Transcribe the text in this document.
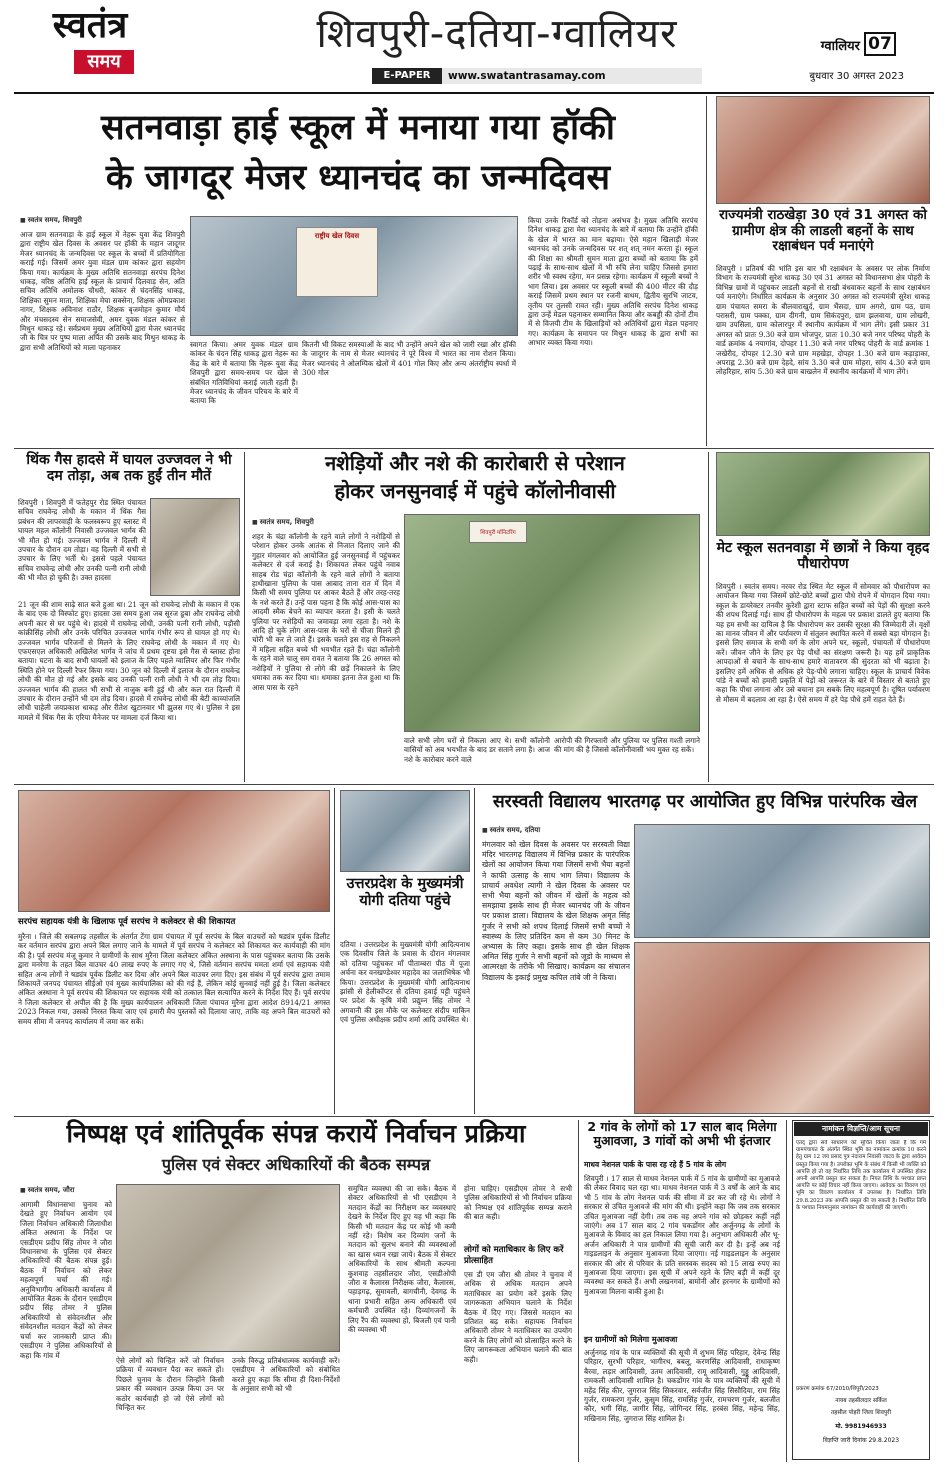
स्वतंत्र
समय
शिवपुरी-दतिया-ग्वालियर
E-PAPER	www.swatantrasamay.com
ग्वालियर 07
बुधवार 30 अगस्त 2023
सतनवाड़ा हाई स्कूल में मनाया गया हॉकी
के जागदूर मेजर ध्यानचंद का जन्मदिवस
■ स्वतंत्र समय, शिवपुरी
आज ग्राम सतनवाड़ा के हाई स्कूल में नेहरू युवा केंद्र शिवपुरी द्वारा राष्ट्रीय खेल दिवस के अवसर पर हॉकी के महान जादूगर मेजर ध्यानचंद के जन्मदिवस पर स्कूल के बच्चों में प्रतियोगिता कराई गई। जिसमें अमर युवा मंडल ग्राम कांकर द्वारा सहयोग किया गया। कार्यक्रम के मुख्य अतिथि सतनवाड़ा सरपंच दिनेश धाकड़, वरिष्ठ अतिथि हाई स्कूल के प्राचार्य दिलवाड़ सेन, अति सचिव अतिथि अमोलक चौधरी, कांकर से चंदनसिंह धाकड़, शिक्षिका सुमन माता, शिक्षिका मेघा सक्सेना, शिक्षक ओमप्रकाश नागर, शिक्षक अविनाश राठौर, शिक्षक बृजमोहन कुमार मौर्य और मंचसदस्य सेन समाजसेवी, अमर युवक मंडल कांकर से मिथुन धाकड़ रहे। सर्वप्रथम मुख्य अतिथियों द्वारा मेजर ध्यानचंद जी के चित्र पर पुष्प माला अर्पित की उसके बाद मिथुन धाकड़ के द्वारा सभी अतिथियों को माला पहनाकर
राष्ट्रीय खेल दिवस
स्वागत किया। अमर युवक मंडल ग्राम कांकर के चंदन सिंह धाकड़ द्वारा नेहरू का केंद्र के बारे में बताया कि नेहरू युवा केंद्र शिवपुरी द्वारा समय-समय पर खेल से संबंधित गतिविधियां कराई जाती रहती हैं। मेजर ध्यानचंद के जीवन परिचय के बारे में बताया कि
कितनी भी विकट समस्याओं के बाद भी उन्होंने अपने खेल को जारी रखा और हॉकी के जादूगर के नाम से मेजर ध्यानचंद ने पूरे विश्व में भारत का नाम रोशन किया। मेजर ध्यानचंद ने ओलम्पिक खेलों में 401 गोल किए और अन्य अंतर्राष्ट्रीय स्पर्धा में 300 गोल
किया उनके रिकॉर्ड को तोड़ना असंभव है। मुख्य अतिथि सरपंच दिनेश धाकड़ द्वारा मेरा ध्यानचंद के बारे में बताया कि उन्होंने हॉकी के खेल में भारत का मान बढ़ाया। ऐसे महान खिलाड़ी मेजर ध्यानचंद को उनके जन्मदिवस पर शत्‌ शत्‌ नमन करता हूं। स्कूल की शिक्षा का श्रीमती सुमन माता द्वारा बच्चों को बताया कि हमें पढ़ाई के साथ-साथ खेलों में भी रुचि लेना चाहिए जिससे हमारा शरीर भी स्वस्थ रहेगा, मन प्रसन्न रहेगा। कार्यक्रम में स्कूली बच्चों ने भाग लिया। इस अवसर पर स्कूली बच्चों की 400 मीटर की दौड़ कराई जिसमें प्रथम स्थान पर रजनी बाथम, द्वितीय सुरभि जाटव, तृतीय पर तुलसी रावत रही। मुख्य अतिथि सरपंच दिनेश धाकड़ द्वारा उन्हें मेडल पहनाकर सम्मानित किया और कबड्डी की दोनों टीम में से विजयी टीम के खिलाड़ियों को अतिथियों द्वारा मेडल पहनाए गए। कार्यक्रम के समापन पर मिथुन धाकड़ के द्वारा सभी का आभार व्यक्त किया गया।
राज्यमंत्री राठखेड़ा 30 एवं 31 अगस्त को ग्रामीण क्षेत्र की लाडली बहनों के साथ रक्षाबंधन पर्व मनाएंगे
शिवपुरी । प्रतिवर्ष की भांति इस बार भी रक्षाबंधन के अवसर पर लोक निर्माण विभाग के राज्यमंत्री सुरेश धाकड़ 30 एवं 31 अगस्त को विधानसभा क्षेत्र पोहरी के विभिन्न ग्रामों में पहुंचकर लाडली बहनों से राखी बंधवाकर बहनों के साथ रक्षाबंधन पर्व मनाएंगे। निर्धारित कार्यक्रम के अनुसार 30 अगस्त को राज्यमंत्री सुरेश धाकड़ ग्राम पंचायत समरा के बीलवाराखुर्द, ग्राम भैंसदा, ग्राम अगरो, ग्राम पठ, ग्राम परासरी, ग्राम पक्का, ग्राम दीगनी, ग्राम सिकंदपुरा, ग्राम झलवाया, ग्राम लोखरी, ग्राम उपसिला, ग्राम कोलारपुर में स्थानीय कार्यक्रम में भाग लेंगे। इसी प्रकार 31 अगस्त को प्रातः 9.30 बजे ग्राम भोजपुर, प्रातः 10.30 बजे नगर परिषद पोहरी के वार्ड क्रमांक 4 नयागांव, दोपहर 11.30 बजे नगर परिषद पोहरी के वार्ड क्रमांक 1 जखेरीद, दोपहर 12.30 बजे ग्राम महखेड़ा, दोपहर 1.30 बजे ग्राम कड़ाड़ाका, अपराह्न 2.30 बजे ग्राम देहदे, सांय 3.30 बजे ग्राम मोहरा, सांय 4.30 बजे ग्राम लोहरिहार, सांय 5.30 बजे ग्राम बाखलेन में स्थानीय कार्यक्रमों में भाग लेंगे।
थिंक गैस हादसे में घायल उज्जवल ने भी दम तोड़ा, अब तक हुईं तीन मौतें
शिवपुरी । शिवपुरी में फतेहपुर रोड स्थित पंचायत सचिव राघवेन्द्र लोधी के मकान में थिंक गैस प्रबंधन की लापरवाही के फलस्वरूप हुए ब्लास्ट में घायल महल कॉलोनी निवासी उज्जवल भार्गव की भी मौत हो गई। उज्जवल भार्गव ने दिल्ली में उपचार के दौरान दम तोड़ा। वह दिल्ली में सभी से उपचार के लिए भर्ती थे। इससे पहले पंचायत सचिव राघवेन्द्र लोधी और उनकी पत्नी रानी लोधी की भी मौत हो चुकी है। उक्त हादसा
21 जून की शाम साढ़े सात बजे हुआ था। 21 जून को राघवेन्द्र लोधी के मकान में एक के बाद एक दो विस्फोट हुए। हादसा उस समय हुआ जब सूरज डूबा और राघवेन्द्र लोधी अपनी कार से घर पहुंचे थे। हादसे में राघवेन्द्र लोधी, उनकी पत्नी रानी लोधी, पड़ौसी कांक्रीसिंह लोधी और उनके परिचित उज्जवल भार्गव गंभीर रूप से घायल हो गए थे। उज्जवल भार्गव परिजनों से मिलने के लिए राघवेन्द्र लोधी के मकान में गए थे। एफएसएल अधिकारी अखिलेश भार्गव ने जांच में प्रथम दृष्टया इसे गैस से ब्लास्ट होना बताया। घटना के बाद सभी घायलों को इलाज के लिए पहले ग्वालियर और फिर गंभीर स्थिति होने पर दिल्ली रैफर किया गया। 30 जून को दिल्ली में इलाज के दौरान राघवेन्द्र लोधी की मौत हो गई और इसके बाद उनकी पत्नी रानी लोधी ने भी दम तोड़ दिया। उज्जवल भार्गव की हालत भी सभी से नाजुक बनी हुई थी और कल रात दिल्ली में उपचार के दौरान उन्होंने भी दम तोड़ दिया। हादसे में राघवेन्द्र लोधी की बेटी काव्यांजलि लोधी चाहेली जयप्रकाश धाकड़ और रीतेश खुटानवार भी झुलस गए थे। पुलिस ने इस मामले में थिंक गैस के एरिया मैनेजर पर मामला दर्ज किया था।
नशेड़ियों और नशे की कारोबारी से परेशान
होकर जनसुनवाई में पहुंचे कॉलोनीवासी
■ स्वतंत्र समय, शिवपुरी
शहर के चंद्रा कॉलोनी के रहने वाले लोगों ने नशेड़ियों से परेशान होकर उनके आतंक से निजात दिलाए जाने की गुहार मंगलवार को आयोजित हुई जनसुनवाई में पहुंचकर कलेक्टर से दर्ज कराई है। शिकायत लेकर पहुंचे नवाब साहब रोड चंद्रा कॉलोनी के रहने वाले लोगों ने बताया हाथीखाना पुलिया के पास आबाद ताना रात में दिन में किसी भी समय पुलिया पर आकर बैठते हैं और तरह-तरह के नशे करते हैं। उन्हें पास पहना है कि कोई आस-पास का आदमी स्मैक बेचने का व्यापार करता है। इसी के चलते पुलिया पर नशेड़ियों का जमावड़ा लगा रहता है। नशे के आदि हो चुके लोग आस-पास के घरों से चीजा मिलने ही चोरी भी कर ले जाते हैं। इसके चलते इस राह से निकलने में महिला सहित बच्चे भी भयभीत रहते हैं। चंद्रा कॉलोनी के रहने वाले चालू सम रावत ने बताया कि 26 अगस्त को नशेड़ियों ने पुलिया से लोगे की छड़ें निकालने के लिए धमाका तक कर दिया था। धमाका इतना तेज हुआ था कि आस पास के रहने
शिवपुरी मॉनिटरिंग
वाले सभी लोग घरों से निकला आए थे। सभी कॉलोनी वासियों को अब भयभीत के बाद डर सताने लगा है। आज नशे के कारोबार करने वाले
आरोपी की गिरफ्तारी और पुलिया पर पुलिस गश्ती लगाने की मांग की है जिससे कॉलोनीवासी भय मुक्त रह सकें।
मेट स्कूल सतनवाड़ा में छात्रों ने किया वृहद पौधारोपण
शिवपुरी । स्वतंत्र समय। नरवर रोड स्थित मेट स्कूल में सोमवार को पौधारोपण का आयोजन किया गया जिसमें छोटे-छोटे बच्चों द्वारा पौधे रोपने में योगदान दिया गया। स्कूल के डायरेक्टर तनवीर कुरेशी द्वारा स्टाफ सहित बच्चों को पेड़ों की सुरक्षा करने की शपथ दिलाई गई। साथ ही पौधारोपण के महत्व पर प्रकाश डालते हुए बताया कि यह हम सभी का दायित्व है कि पौधारोपण कर उसकी सुरक्षा की जिम्मेदारी लें। वृक्षों का मानव जीवन में और पर्यावरण में संतुलन स्थापित करने में सबसे बड़ा योगदान है। इससे लिए समाज के सभी वर्ग के लोग अपने घर, स्कूलों, पंचायतों में पौधारोपण करें। जीवन जीने के लिए हर पेड़ पौधों का संरक्षण जरूरी है। यह हमें प्राकृतिक आपदाओं से बचाने के साथ-साथ हमारे वातावरण की सुंदरता को भी बढ़ाता है। इसलिए हमें अधिक से अधिक हरे पेड़-पौधे लगाना चाहिए। स्कूल के प्राचार्य विवेक पांडे ने बच्चों को हमारी प्रकृति में पेड़ों को जरूरत के बारे में विस्तार से बताते हुए कहा कि पौधा लगाना और उसे बचाना हम सबके लिए महत्वपूर्ण है। दूषित पर्यावरण से मौसम में बदलाव आ रहा है। ऐसे समय में हरे पेड़ पौधे हमें राहत देते हैं।
सरपंच सहायक यंत्री के खिलाफ पूर्व सरपंच ने कलेक्टर से की शिकायत
मुरैना । जिले की सबलगढ़ तहसील के अंतर्गत टेंगा ग्राम पंचायत में पूर्व सरपंच के बिल वाउचरों को षड्यंत्र पूर्वक डिलीट कर वर्तमान सरपंच द्वारा अपने बिल लगाए जाने के मामले में पूर्व सरपंच ने कलेक्टर को शिकायत कर कार्यवाही की मांग की है। पूर्व सरपंच मंजू कुमार ने ग्रामीणों के साथ मुरैना जिला कलेक्टर अंकित अस्थाना के पास पहुंचकर बताया कि उसके द्वारा मनरेगा के तहत बिल वाउचर 40 लाख रुपए के लगाए गए थे, जिसे वर्तमान सरपंच ममता शर्मा एवं सहायक यंत्री सहित अन्य लोगों ने षड्यंत्र पूर्वक डिलीट कर दिया और अपने बिल वाउचर लगा दिए। इस संबंध में पूर्व सरपंच द्वारा तमाम शिकायतें जनपद पंचायत सीईओ एवं मुख्य कार्यपालिका को की गई हैं, लेकिन कोई सुनवाई नहीं हुई है। जिला कलेक्टर अंकित अस्थाना ने पूर्व सरपंच की शिकायत पर सहायक यंत्री को तत्काल बिल सत्यापित करने के निर्देश दिए हैं। पूर्व सरपंच ने जिला कलेक्टर से अपील की है कि मुख्य कार्यपालन अधिकारी जिला पंचायत मुरैना द्वारा आदेश 8914/21 अगस्त 2023 निकल गया, उसको निरस्त किया जाए एवं हमारी मैप पुस्तकों को दिलाया जाए, ताकि वह अपने बिल वाउचरों को समय सीमा में जनपद कार्यालय में जमा कर सकें।
उत्तरप्रदेश के मुख्यमंत्री योगी दतिया पहुंचे
दतिया । उत्तरप्रदेश के मुख्यमंत्री योगी आदित्यनाथ एक दिवसीय जिले के प्रवास के दौरान मंगलवार को दतिया पहुंचकर माँ पीताम्बरा पीठ में पूजा अर्चना कर वनखण्डेश्वर महादेव का जलाभिषेक भी किया। उत्तरप्रदेश के मुख्यमंत्री योगी आदित्यनाथ झांसी से हेलीकॉप्टर से दतिया हवाई पट्टी पहुंचने पर प्रदेश के कृषि मंत्री प्रद्युम्न सिंह तोमर ने अगवानी की इस मौके पर कलेक्टर संदीप माकिन एवं पुलिस अधीक्षक प्रदीप शर्मा आदि उपस्थित थे।
सरस्वती विद्यालय भारतगढ़ पर आयोजित हुए विभिन्न पारंपरिक खेल
■ स्वतंत्र समय, दतिया
मंगलवार को खेल दिवस के अवसर पर सरस्वती विद्या मंदिर भारतगढ़ विद्यालय में विभिन्न प्रकार के पारंपरिक खेलों का आयोजन किया गया जिसमें सभी भैया बहनों ने काफी उत्साह के साथ भाग लिया। विद्यालय के प्राचार्य अवधेश त्यागी ने खेल दिवस के अवसर पर सभी भैया बहनों को जीवन में खेलों के महत्व को समझाया इसके साथ ही मेजर ध्यानचंद जी के जीवन पर प्रकाश डाला। विद्यालय के खेल शिक्षक अमृत सिंह गुर्जर ने सभी को शपथ दिलाई जिसमें सभी बच्चों ने स्वास्थ्य के लिए प्रतिदिन कम से कम 30 मिनट के अभ्यास के लिए कहा। इसके साथ ही खेल शिक्षक अमित सिंह गुर्जर ने सभी बहनों को जूडो के माध्यम से आत्मरक्षा के तरीके भी सिखाए। कार्यक्रम का संचालन विद्यालय के इकाई प्रमुख कपिल तांबे जी ने किया।
निष्पक्ष एवं शांतिपूर्वक संपन्न करायें निर्वाचन प्रक्रिया
पुलिस एवं सेक्टर अधिकारियों की बैठक सम्पन्न
■ स्वतंत्र समय, जौरा
आगामी विधानसभा चुनाव को देखते हुए निर्वाचन आयोग एवं जिला निर्वाचन अधिकारी जिलाधीश अंकित अस्थाना के निर्देश पर एसडीएम प्रदीप सिंह तोमर ने जौरा विधानसभा के पुलिस एवं सेक्टर अधिकारियों की बैठक संपन्न हुई। बैठक में निर्वाचन को लेकर महत्वपूर्ण चर्चा की गई। अनुविभागीय अधिकारी कार्यालय में आयोजित बैठक के दौरान एसडीएम प्रदीप सिंह तोमर ने पुलिस अधिकारियों से संवेदनशील और संवेदनशील मतदान केंद्रों को लेकर चर्चा कर जानकारी प्राप्त की। एसडीएम ने पुलिस अधिकारियों से कहा कि गांव में
ऐसे लोगों को चिन्हित करें जो निर्वाचन प्रक्रिया में व्यवधान पैदा कर सकते हों। पिछले चुनाव के दौरान जिन्होंने किसी प्रकार की व्यवधान उत्पन्न किया उन पर कठोर कार्यवाही हो जो ऐसे लोगों को चिन्हित कर
उनके विरुद्ध प्रतिबंधात्मक कार्यवाही करें। एसडीएम ने अधिकारियों को संबोधित करते हुए कहा कि सीमा ही दिशा-निर्देशों के अनुसार सभी को भी
समुचित व्यवस्था की जा सके। बैठक में सेक्टर अधिकारियों से भी एसडीएम ने मतदान केंद्रों का निरीक्षण कर व्यवस्थाएं देखने के निर्देश दिए हुए यह भी कहा कि किसी भी मतदान केंद्र पर कोई भी कमी नहीं रहे। विशेष कर दिव्यांग जनों के मतदान को सुलभ बनाने की व्यवस्थाओं का खास ध्यान रखा जाये। बैठक में सेक्टर अधिकारियों के साथ श्रीमती कल्पना कुशवाह तहसीलदार जौरा, एसडीओपी जौरा व कैलारस निरीक्षक जौरा, कैलारस, पहाड़गढ़, सुमावली, बागचीनी, देवगढ़ के थाना प्रभारी सहित अन्य अधिकारी एवं कर्मचारी उपस्थित रहे। दिव्यांगजनों के लिए रैंप की व्यवस्था हो, बिजली एवं पानी की व्यवस्था भी
होना चाहिए। एसडीएम तोमर ने सभी पुलिस अधिकारियों से भी निर्वाचन प्रक्रिया को निष्पक्ष एवं शांतिपूर्वक सम्पन्न कराने की बात कही।
लोगों को मताधिकार के लिए करें प्रोत्साहित
एस डी एम जौरा श्री तोमर ने चुनाव में अधिक से अधिक मतदान अपने मताधिकार का प्रयोग करें इसके लिए जागरूकता अभियान चलाने के निर्देश बैठक में दिए गए। जिससे मतदान का प्रतिशत बढ़ सके। सहायक निर्वाचन अधिकारी तोमर ने मताधिकार का उपयोग करने के लिए लोगों को प्रोत्साहित करने के लिए जागरूकता अभियान चलाने की बात कही।
2 गांव के लोगों को 17 साल बाद मिलेगा मुआवजा, 3 गांवों को अभी भी इंतजार
माधव नेशनल पार्क के पास रह रहे हैं 5 गांव के लोग
शिवपुरी । 17 साल से माधव नेशनल पार्क में 5 गांव के ग्रामीणों का मुआवजे की लेकर विवाद चल रहा था। माधव नेशनल पार्क में 3 वर्षों के आने के बाद भी 5 गांव के लोग नेशनल पार्क की सीमा में डर कर जी रहे थे। लोगों ने सरकार से उचित मुआवजे की मांग की थी। इन्होंने कहा कि जब तक सरकार उचित मुआवजा नहीं देगी। तब तक वह अपने गांव को छोड़कर कहीं नहीं जाएंगे। अब 17 साल बाद 2 गांव चकडोंगर और अर्जुनगढ़ के लोगों के मुआवजे के विवाद का हल निकाल लिया गया है। अनुभाग अधिकारी और भू- अर्जन अधिकारी ने पात्र ग्रामीणों की सूची जारी कर दी है। इन्हें अब नई गाइडलाइन के अनुसार मुआवजा दिया जाएगा। नई गाइडलाइन के अनुसार सरकार की ओर से परिवार के प्रति सरस्वक सदस्य को 15 लाख रुपए का मुआवजा दिया जाएगा। इस सूची में अपने रहने के लिए बड़ी में कहीं दूर व्यवस्था कर सकते हैं। अभी लखनगवां, बामोनी और हरनगर के ग्रामीणों को मुआवजा मिलना बाकी हुआ है।
इन ग्रामीणों को मिलेगा मुआवजा
अर्जुनगढ़ गांव के पात्र व्यक्तियों की सूची में शुभम सिंह परिहार, देवेन्द्र सिंह परिहार, सुरभी परिहार, भागीरथ, बबलू, करणसिंह आदिवासी, राधाकृष्ण बैरवा, लड़ार आदिवासी, उतम आदिवासी, रामू आदिवासी, गुड्डू आदिवासी, रामकली आदिवासी शामिल है। चकडोंगर गांव के पात्र व्यक्तियों की सूची में महेंद्र सिंह कीर, जुगराज सिंह सिकरवार, सर्वजीत सिंह सिसौदिया, राम सिंह गुर्जर, रामकरण गुर्जर, कुसुम सिंह, रामसिंह गुर्जर, रामचरण गुर्जर, बलजीत कौर, भगी सिंह, जागीर सिंह, जोगिन्दर सिंह, हरबंस सिंह, महेन्द्र सिंह, मखिनाम सिंह, जुगराज सिंह शामिल है।
नामांकन विज्ञप्ति/आम सूचना
एतद् द्वारा सर्व साधारण को सूचित किया जाता है कि गर्म ग्रामपंचायत के अंतर्गत स्थित भूमि का नामांकन क्रमांक 10 करने हेतु ग्राम 12 जय प्रसाद पुत्र नंदाराम निवासी जाटव के द्वारा आवेदन प्रस्तुत किया गया है। उपरोक्त भूमि के संबंध में किसी भी व्यक्ति को आपत्ति हो तो वह निर्धारित तिथि तक कार्यालय में उपस्थित होकर अपनी आपत्ति प्रस्तुत कर सकता है। नियत तिथि के पश्चात प्राप्त आपत्ति पर कोई विचार नहीं किया जाएगा। आवेदक का विवरण एवं भूमि का विवरण कार्यालय में उपलब्ध है। निर्धारित तिथि 29.8.2023 तक आपत्ति प्रस्तुत की जा सकती है। निर्धारित तिथि के पश्चात नियमानुसार नामांकन की कार्यवाही की जाएगी।
प्रकरण क्रमांक 67/2010/शिपुरी/2023
नायब तहसीलदार सर्किल
तहसील पोहरी जिला शिवपुरी
मो. 9981946933
विज्ञप्ति जारी दिनांक 29.8.2023
